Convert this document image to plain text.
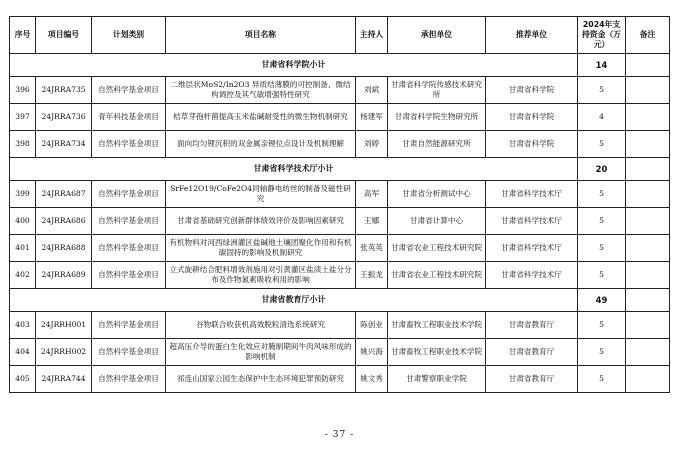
序号	项目编号	计划类别	项目名称	主持人	承担单位	推荐单位	2024年支持资金（万元）	备注
甘肃省科学院小计							14	
396	24JRRA735	自然科学基金项目	二维层状MoS2/In2O3 异质结薄膜的可控制备、微结构调控及其气敏增强特性研究	刘斌	甘肃省科学院传感技术研究所	甘肃省科学院	5	
397	24JRRA736	青年科技基金项目	桔草芽孢杆菌提高玉米盐碱耐受性的微生物机制研究	杨建军	甘肃省科学院生物研究所	甘肃省科学院	4	
398	24JRRA734	自然科学基金项目	面向均匀锂沉积的双金属亲锂位点设计及机制理解	刘婷	甘肃自然能源研究所	甘肃省科学院	5	
甘肃省科学技术厅小计							20	
399	24JRRA687	自然科学基金项目	SrFe12O19/CoFe2O4同轴静电纺丝的制备及磁性研究	高军	甘肃省分析测试中心	甘肃省科学技术厅	5	
400	24JRRA686	自然科学基金项目	甘肃省基础研究创新群体绩效评价及影响因素研究	王娜	甘肃省计算中心	甘肃省科学技术厅	5	
401	24JRRA688	自然科学基金项目	有机物料对河西绿洲灌区盐碱地土壤团聚化作用和有机碳固持的影响及机制研究	张英英	甘肃省农业工程技术研究院	甘肃省科学技术厅	5	
402	24JRRA689	自然科学基金项目	立式旋耕结合肥料增效剂施用对引黄灌区盐渍土盐分分布及作物氮素吸收利用的影响	王振龙	甘肃省农业工程技术研究院	甘肃省科学技术厅	5	
甘肃省教育厅小计							49	
403	24JRRH001	自然科学基金项目	谷物联合收获机高效脱粒清选系统研究	陈创业	甘肃畜牧工程职业技术学院	甘肃省教育厅	5	
404	24JRRH002	自然科学基金项目	超高压介导的蛋白生化效应对腌制期间牛肉风味形成的影响机制	姚兴海	甘肃畜牧工程职业技术学院	甘肃省教育厅	5	
405	24JRRA744	自然科学基金项目	祁连山国家公园生态保护中生态环境犯罪预防研究	姚文秀	甘肃警察职业学院	甘肃省教育厅	5	
- 37 -
